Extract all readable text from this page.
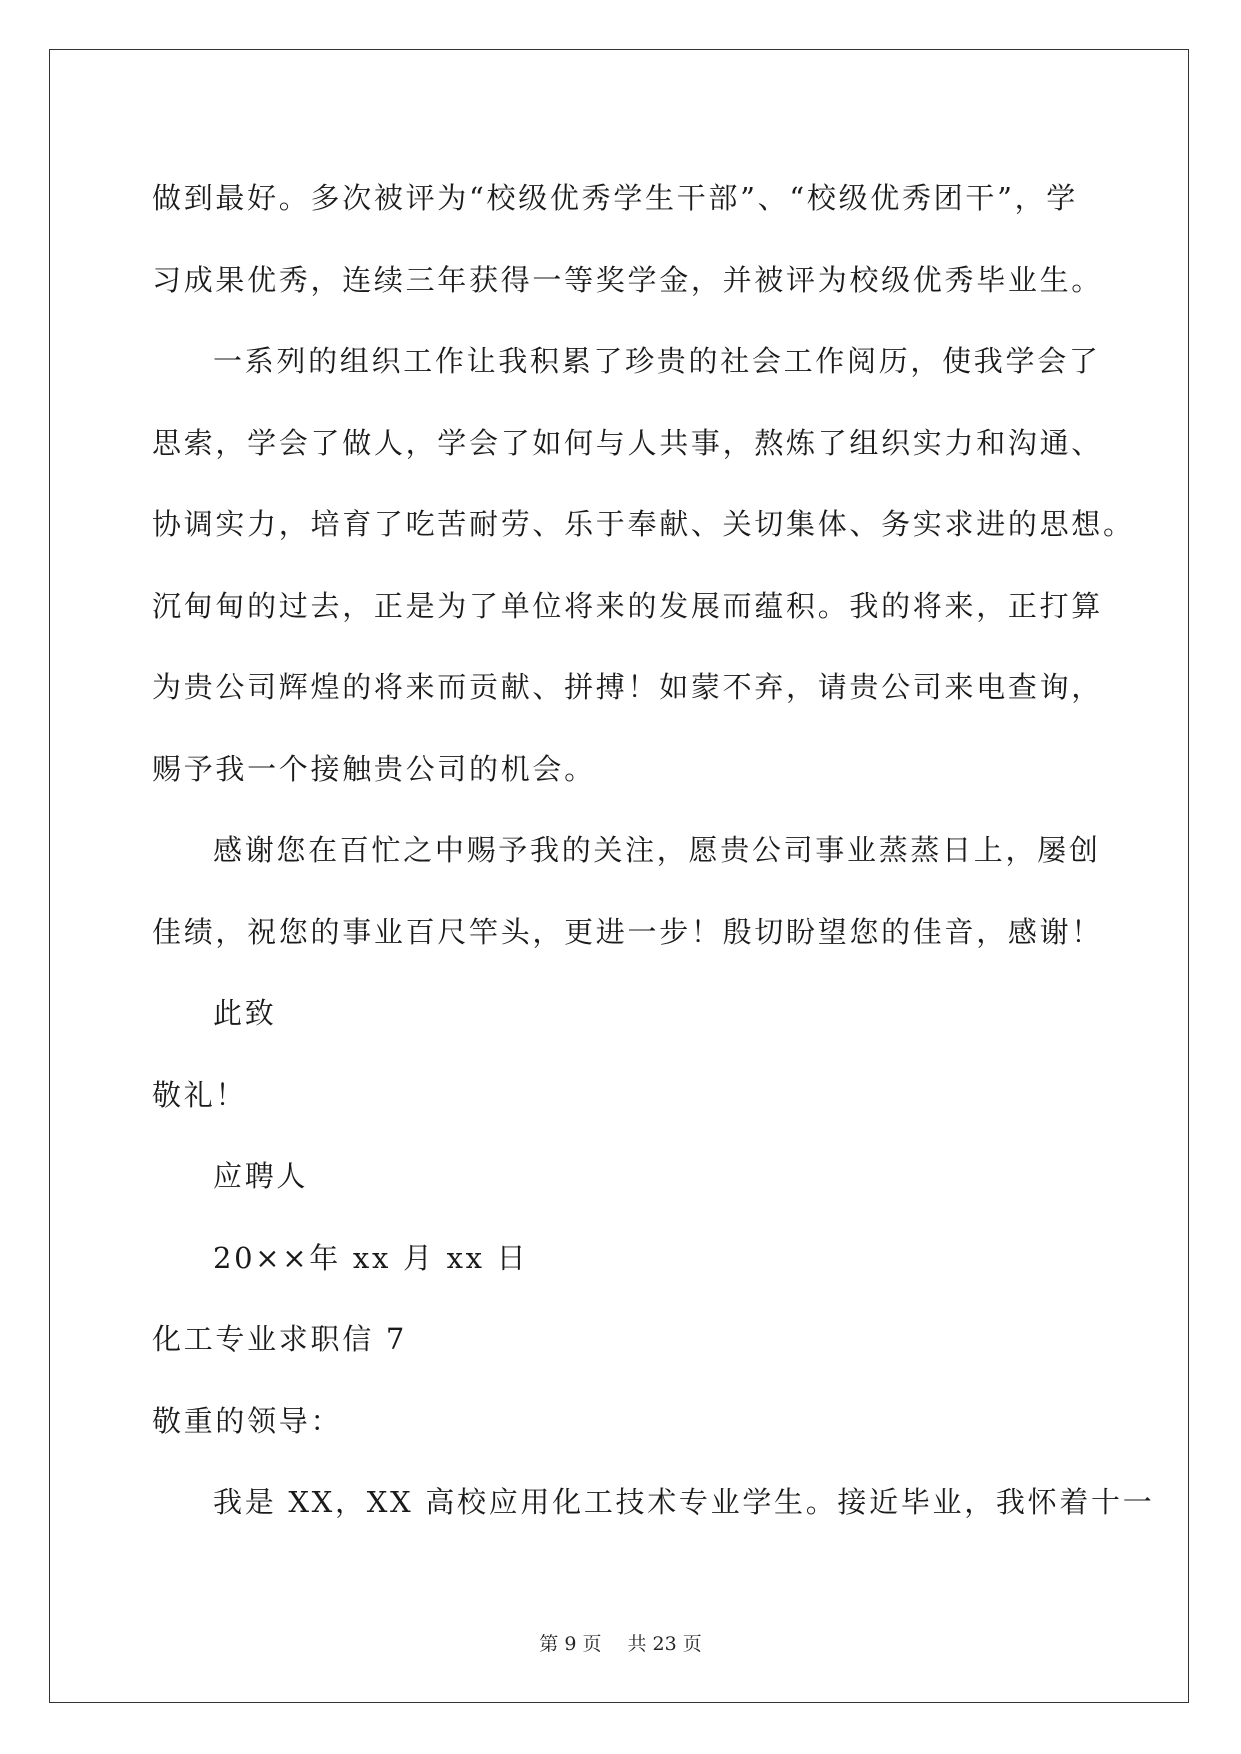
做到最好。多次被评为“校级优秀学生干部”、“校级优秀团干”，学
习成果优秀，连续三年获得一等奖学金，并被评为校级优秀毕业生。
一系列的组织工作让我积累了珍贵的社会工作阅历，使我学会了
思索，学会了做人，学会了如何与人共事，熬炼了组织实力和沟通、
协调实力，培育了吃苦耐劳、乐于奉献、关切集体、务实求进的思想。
沉甸甸的过去，正是为了单位将来的发展而蕴积。我的将来，正打算
为贵公司辉煌的将来而贡献、拼搏！如蒙不弃，请贵公司来电查询，
赐予我一个接触贵公司的机会。
感谢您在百忙之中赐予我的关注，愿贵公司事业蒸蒸日上，屡创
佳绩，祝您的事业百尺竿头，更进一步！殷切盼望您的佳音，感谢！
此致
敬礼！
应聘人
20××年 xx 月 xx 日
化工专业求职信 7
敬重的领导：
我是 XX，XX 高校应用化工技术专业学生。接近毕业，我怀着十一
第 9 页 共 23 页
